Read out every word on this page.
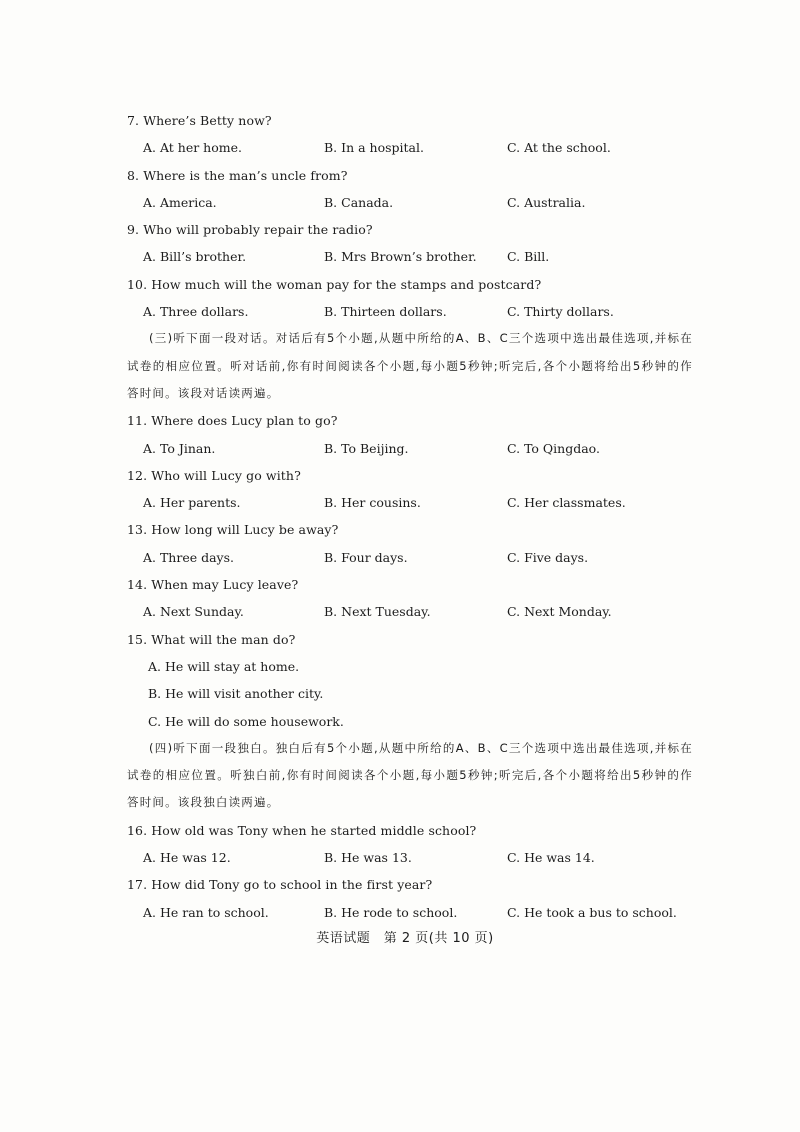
7. Where’s Betty now?
A. At her home.	B. In a hospital.	C. At the school.
8. Where is the man’s uncle from?
A. America.	B. Canada.	C. Australia.
9. Who will probably repair the radio?
A. Bill’s brother.	B. Mrs Brown’s brother. C. Bill.
10. How much will the woman pay for the stamps and postcard?
A. Three dollars.	B. Thirteen dollars.	C. Thirty dollars.
(三)听下面一段对话。对话后有5个小题,从题中所给的A、B、C三个选项中选出最佳选项,并标在试卷的相应位置。听对话前,你有时间阅读各个小题,每小题5秒钟;听完后,各个小题将给出5秒钟的作答时间。该段对话读两遍。
11. Where does Lucy plan to go?
A. To Jinan.	B. To Beijing.	C. To Qingdao.
12. Who will Lucy go with?
A. Her parents.	B. Her cousins.	C. Her classmates.
13. How long will Lucy be away?
A. Three days.	B. Four days.	C. Five days.
14. When may Lucy leave?
A. Next Sunday.	B. Next Tuesday.	C. Next Monday.
15. What will the man do?
A. He will stay at home.
B. He will visit another city.
C. He will do some housework.
(四)听下面一段独白。独白后有5个小题,从题中所给的A、B、C三个选项中选出最佳选项,并标在试卷的相应位置。听独白前,你有时间阅读各个小题,每小题5秒钟;听完后,各个小题将给出5秒钟的作答时间。该段独白读两遍。
16. How old was Tony when he started middle school?
A. He was 12.	B. He was 13.	C. He was 14.
17. How did Tony go to school in the first year?
A. He ran to school.	B. He rode to school.	C. He took a bus to school.
英语试题　第 2 页(共 10 页)
